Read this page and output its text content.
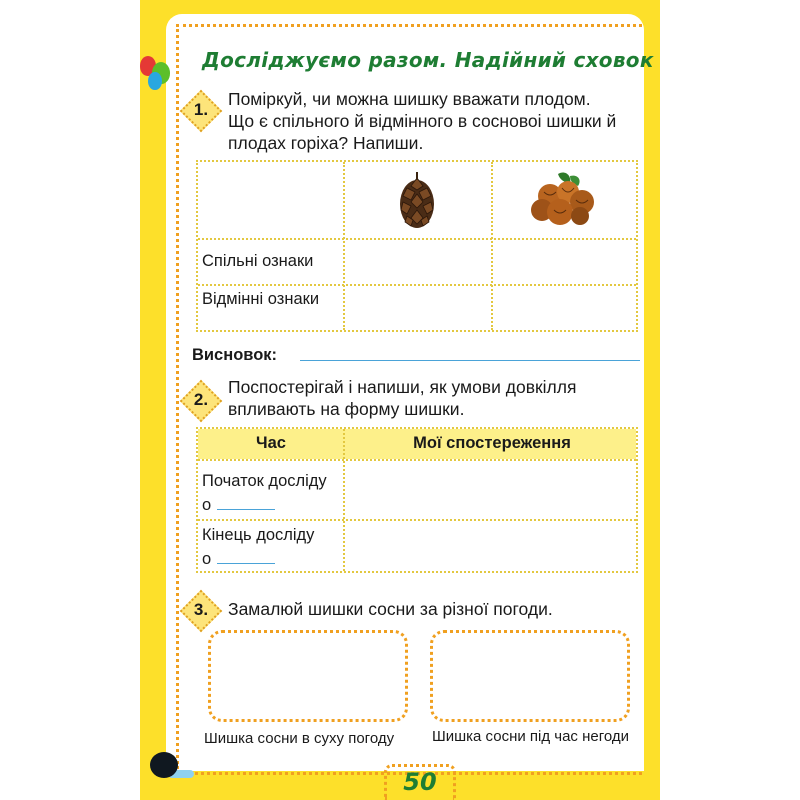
Досліджуємо разом. Надійний сховок
1.
Поміркуй, чи можна шишку вважати плодом.
Що є спільного й відмінного в сосновоі шишки й
плодах горіха? Напиши.
Спільні ознаки
Відмінні ознаки
Висновок:
2.
Поспостерігай і напиши, як умови довкілля
впливають на форму шишки.
Час	Мої спостереження
Початок досліду
о
Кінець досліду
о
3.	Замалюй шишки сосни за різної погоди.
Шишка сосни в суху погоду	Шишка сосни під час негоди
50
